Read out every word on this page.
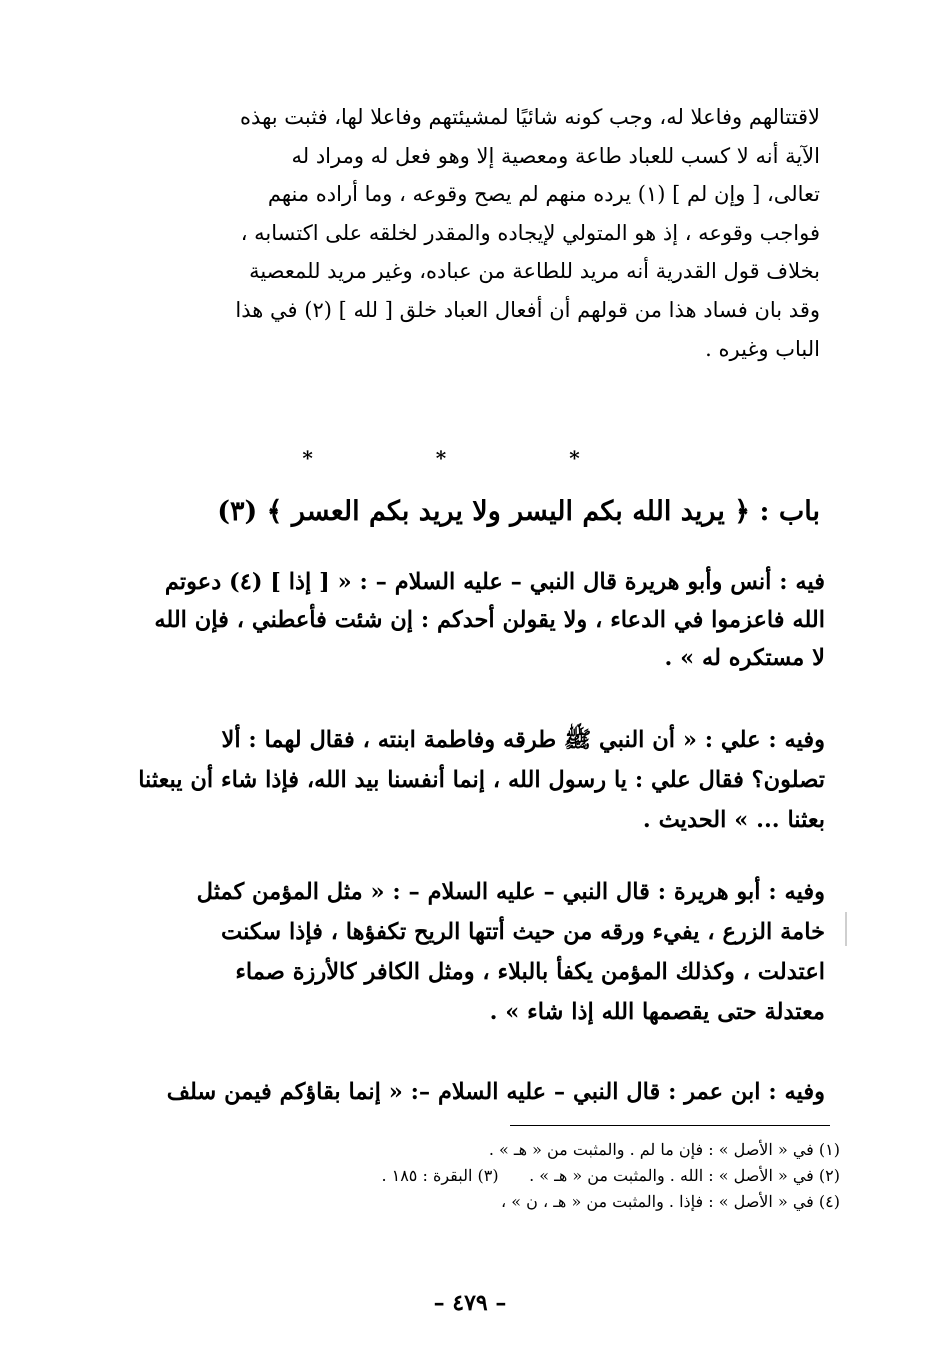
لاقتتالهم وفاعلا له، وجب كونه شائيًا لمشيئتهم وفاعلا لها، فثبت بهذه
الآية أنه لا كسب للعباد طاعة ومعصية إلا وهو فعل له ومراد له
تعالى، [ وإن لم ] (١) يرده منهم لم يصح وقوعه ، وما أراده منهم
فواجب وقوعه ، إذ هو المتولي لإيجاده والمقدر لخلقه على اكتسابه ،
بخلاف قول القدرية أنه مريد للطاعة من عباده، وغير مريد للمعصية
وقد بان فساد هذا من قولهم أن أفعال العباد خلق [ لله ] (٢) في هذا
الباب وغيره .
* * *
باب : ﴿ يريد الله بكم اليسر ولا يريد بكم العسر ﴾ (٣)
فيه : أنس وأبو هريرة قال النبي – عليه السلام – : « [ إذا ] (٤) دعوتم
الله فاعزموا في الدعاء ، ولا يقولن أحدكم : إن شئت فأعطني ، فإن الله
لا مستكره له » .
وفيه : علي : « أن النبي ﷺ طرقه وفاطمة ابنته ، فقال لهما : ألا
تصلون؟ فقال علي : يا رسول الله ، إنما أنفسنا بيد الله، فإذا شاء أن يبعثنا
بعثنا ... » الحديث .
وفيه : أبو هريرة : قال النبي – عليه السلام – : « مثل المؤمن كمثل
خامة الزرع ، يفيء ورقه من حيث أتتها الريح تكفؤها ، فإذا سكنت
اعتدلت ، وكذلك المؤمن يكفأ بالبلاء ، ومثل الكافر كالأرزة صماء
معتدلة حتى يقصمها الله إذا شاء » .
وفيه : ابن عمر : قال النبي – عليه السلام –: « إنما بقاؤكم فيمن سلف
(١) في « الأصل » : فإن ما لم . والمثبت من « هـ » .
(٢) في « الأصل » : الله . والمثبت من « هـ » .      (٣) البقرة : ١٨٥ .
(٤) في « الأصل » : فإذا . والمثبت من « هـ ، ن » ،
– ٤٧٩ –
